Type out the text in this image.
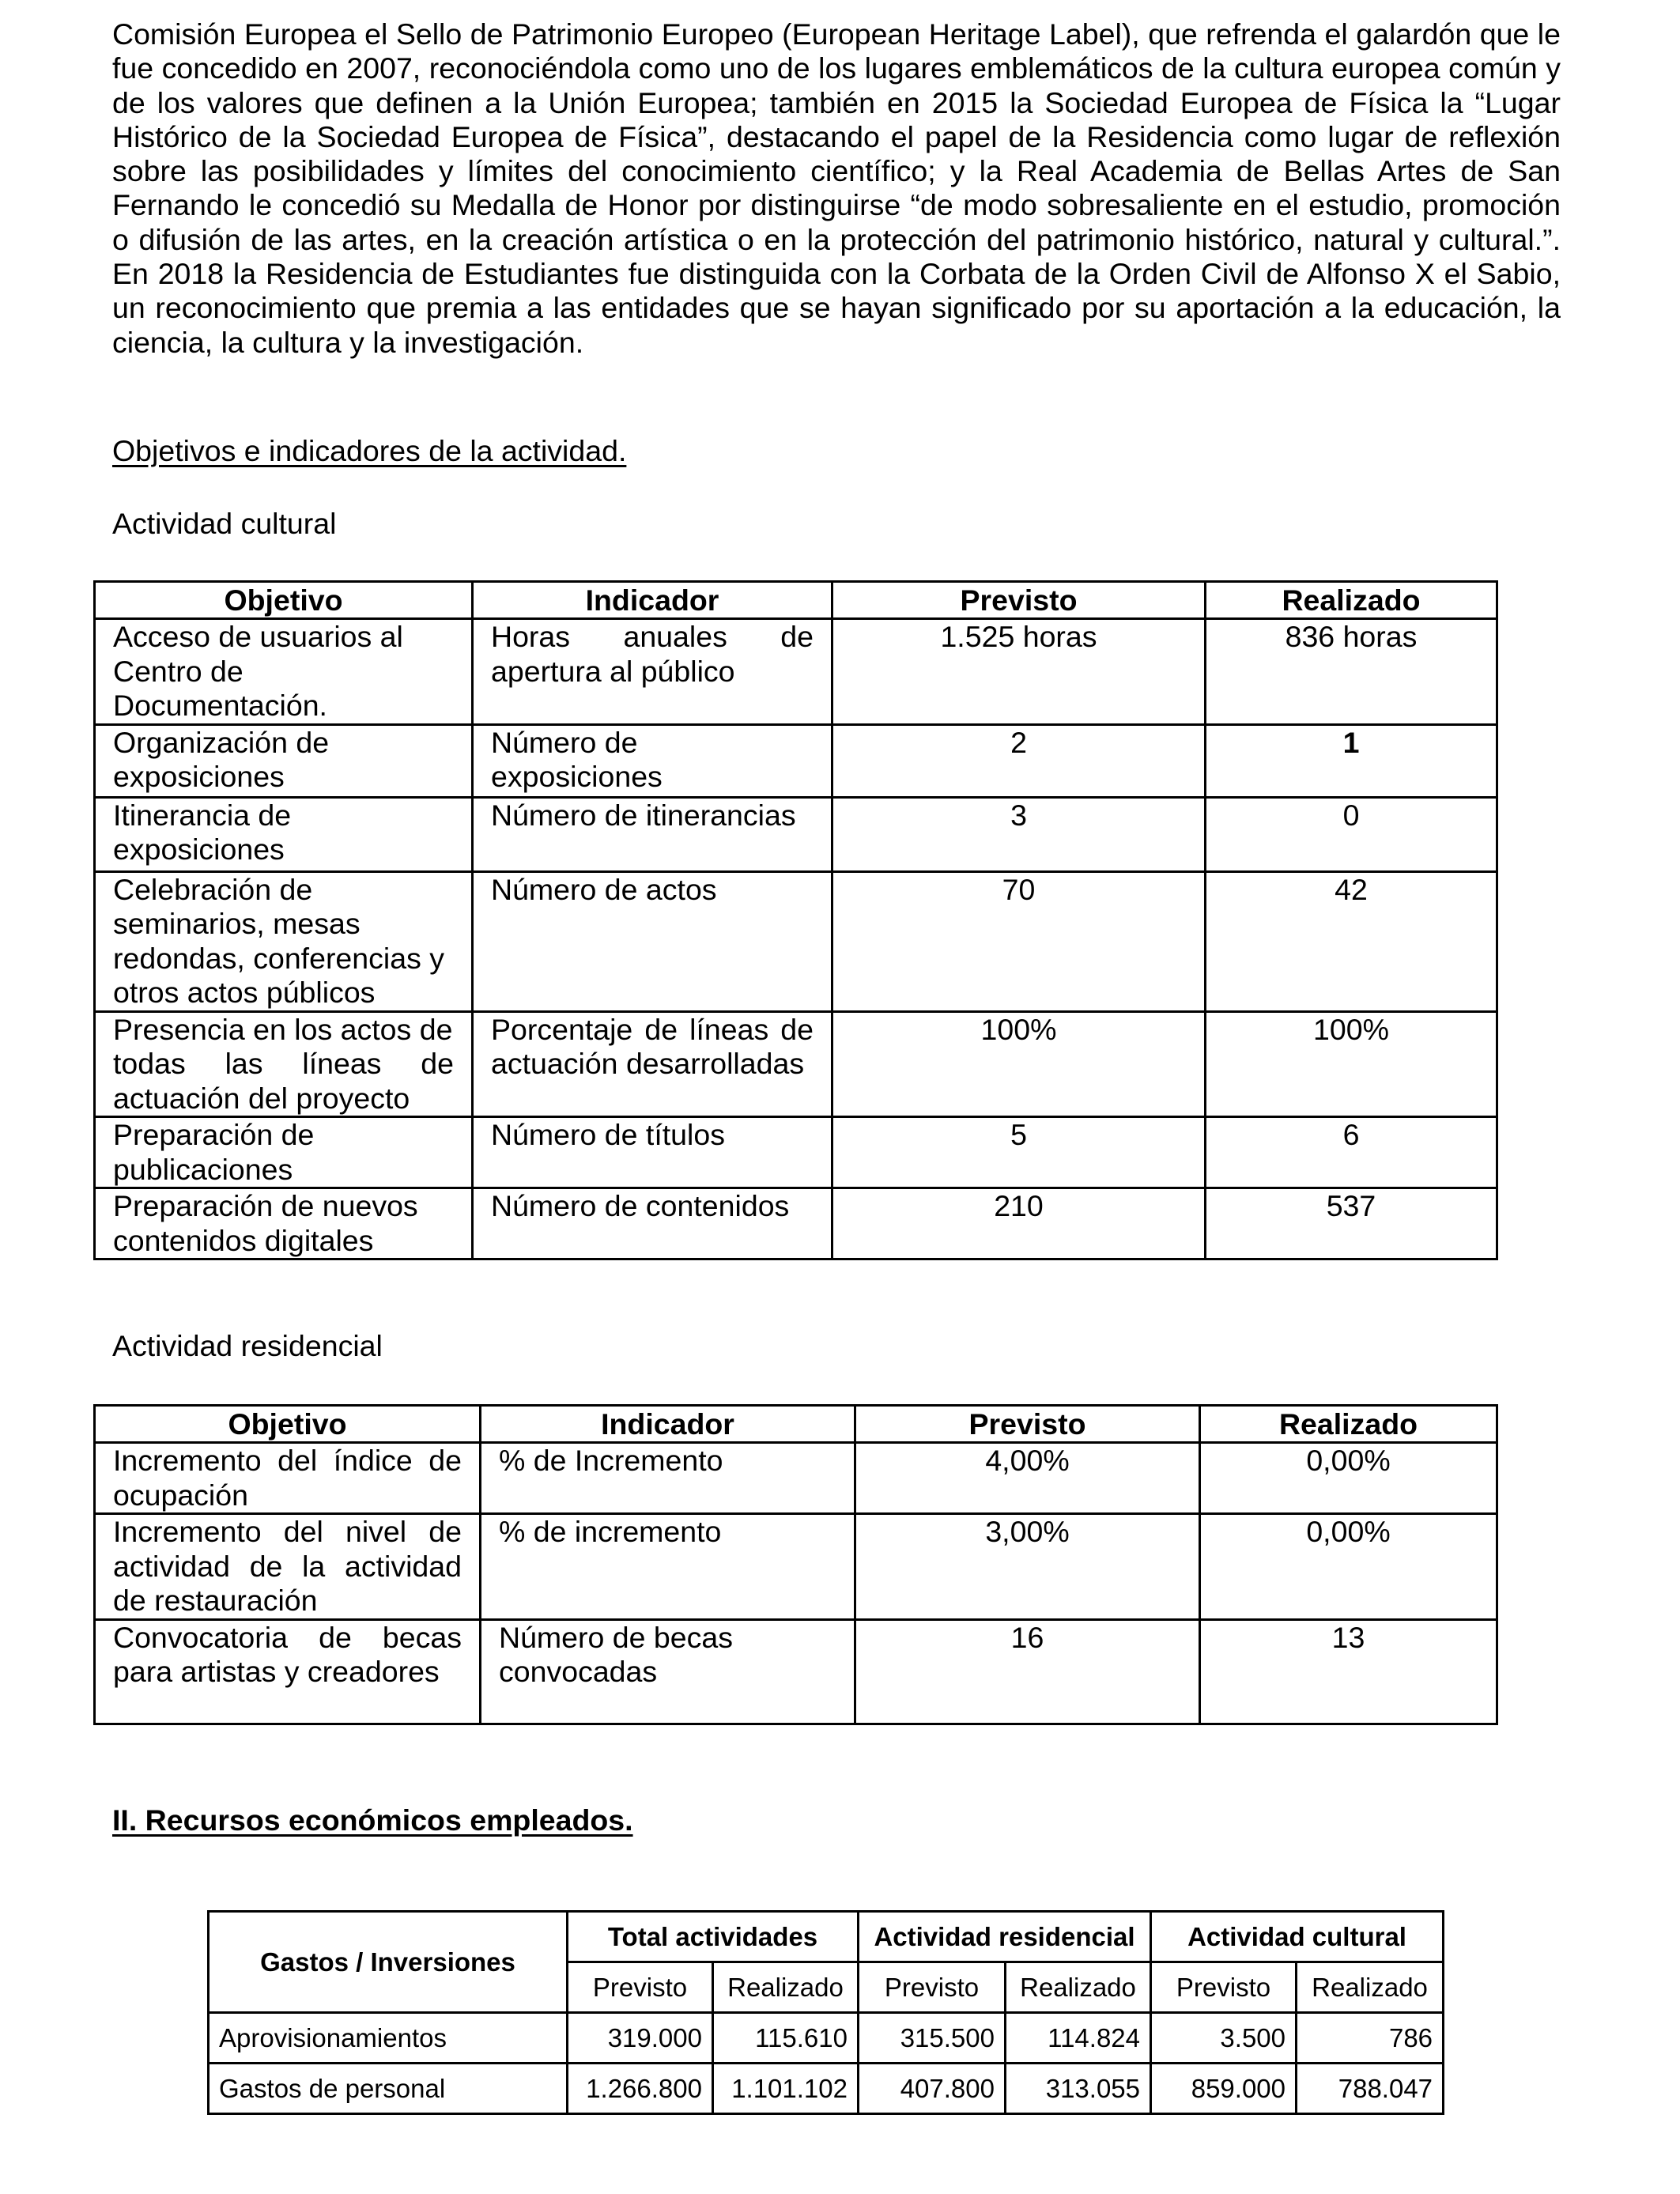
Comisión Europea el Sello de Patrimonio Europeo (European Heritage Label), que refrenda el galardón que le
fue concedido en 2007, reconociéndola como uno de los lugares emblemáticos de la cultura europea común y
de los valores que definen a la Unión Europea; también en 2015 la Sociedad Europea de Física la “Lugar
Histórico de la Sociedad Europea de Física”, destacando el papel de la Residencia como lugar de reflexión
sobre las posibilidades y límites del conocimiento científico; y la Real Academia de Bellas Artes de San
Fernando le concedió su Medalla de Honor por distinguirse “de modo sobresaliente en el estudio, promoción
o difusión de las artes, en la creación artística o en la protección del patrimonio histórico, natural y cultural.”.
En 2018 la Residencia de Estudiantes fue distinguida con la Corbata de la Orden Civil de Alfonso X el Sabio,
un reconocimiento que premia a las entidades que se hayan significado por su aportación a la educación, la
ciencia, la cultura y la investigación.
Objetivos e indicadores de la actividad.
Actividad cultural
Objetivo	Indicador	Previsto	Realizado

Acceso de usuarios al
Centro de
Documentación.	Horas anuales de
apertura al público	1.525 horas	836 horas

Organización de
exposiciones	Número de exposiciones	2	1

Itinerancia de
exposiciones	Número de itinerancias	3	0

Celebración de
seminarios, mesas
redondas, conferencias y
otros actos públicos	Número de actos	70	42

Presencia en los actos de
todas las líneas de
actuación del proyecto	Porcentaje de líneas de
actuación desarrolladas	100%	100%

Preparación de
publicaciones	Número de títulos	5	6

Preparación de nuevos
contenidos digitales	Número de contenidos	210	537
Actividad residencial
Objetivo	Indicador	Previsto	Realizado

Incremento del índice de
ocupación	% de Incremento	4,00%	0,00%

Incremento del nivel de
actividad de la actividad
de restauración	% de incremento	3,00%	0,00%

Convocatoria de becas
para artistas y creadores	Número de becas
convocadas	16	13
II. Recursos económicos empleados.
Gastos / Inversiones	Total actividades		Actividad residencial		Actividad cultural	
	Previsto	Realizado	Previsto	Realizado	Previsto	Realizado
Aprovisionamientos	319.000	115.610	315.500	114.824	3.500	786
Gastos de personal	1.266.800	1.101.102	407.800	313.055	859.000	788.047
